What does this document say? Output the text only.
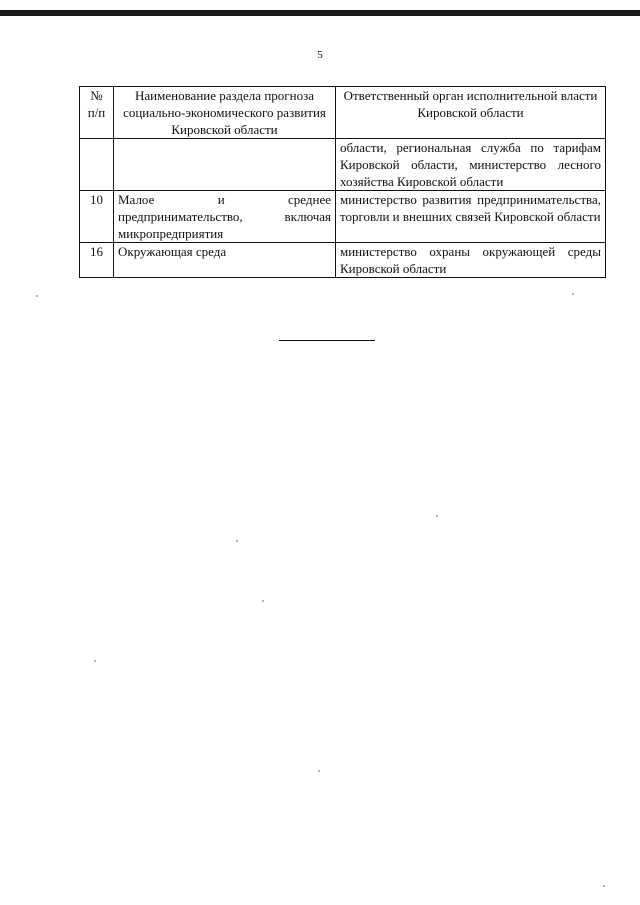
5
№ п/п	Наименование раздела прогноза социально-экономического развития Кировской области	Ответственный орган исполнительной власти Кировской области
		области, региональная служба по тарифам Кировской области, министерство лесного хозяйства Кировской области
10	Малое и среднее предпринимательство, включая микропредприятия	министерство развития предпринимательства, торговли и внешних связей Кировской области
16	Окружающая среда	министерство охраны окружающей среды Кировской области
